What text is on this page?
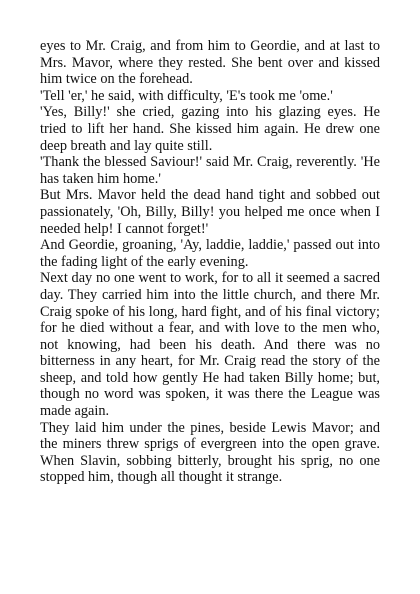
eyes to Mr. Craig, and from him to Geordie, and at last to Mrs. Mavor, where they rested. She bent over and kissed him twice on the forehead.

'Tell 'er,' he said, with difficulty, 'E's took me 'ome.'

'Yes, Billy!' she cried, gazing into his glazing eyes. He tried to lift her hand. She kissed him again. He drew one deep breath and lay quite still.

'Thank the blessed Saviour!' said Mr. Craig, reverently. 'He has taken him home.'

But Mrs. Mavor held the dead hand tight and sobbed out passionately, 'Oh, Billy, Billy! you helped me once when I needed help! I cannot forget!'

And Geordie, groaning, 'Ay, laddie, laddie,' passed out into the fading light of the early evening.

Next day no one went to work, for to all it seemed a sacred day. They carried him into the little church, and there Mr. Craig spoke of his long, hard fight, and of his final victory; for he died without a fear, and with love to the men who, not knowing, had been his death. And there was no bitterness in any heart, for Mr. Craig read the story of the sheep, and told how gently He had taken Billy home; but, though no word was spoken, it was there the League was made again.

They laid him under the pines, beside Lewis Mavor; and the miners threw sprigs of evergreen into the open grave. When Slavin, sobbing bitterly, brought his sprig, no one stopped him, though all thought it strange.
